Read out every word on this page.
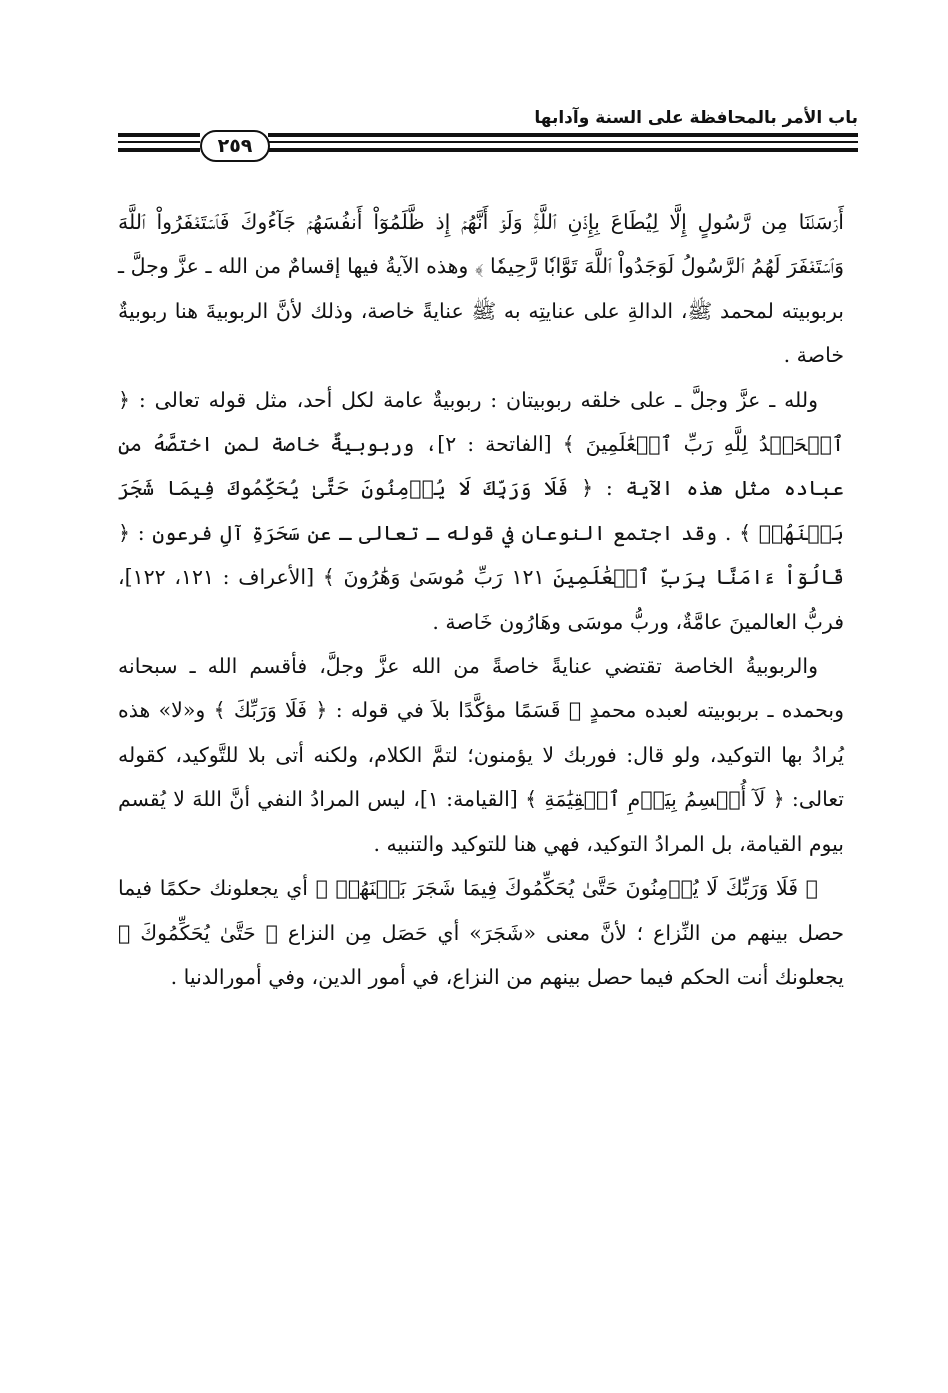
باب الأمر بالمحافظة على السنة وآدابها
٢٥٩

أَرۡسَلۡنَا مِن رَّسُولٍ إِلَّا لِيُطَاعَ بِإِذۡنِ ٱللَّهِۚ وَلَوۡ أَنَّهُمۡ إِذ ظَّلَمُوٓاْ أَنفُسَهُمۡ جَآءُوكَ فَٱسۡتَغۡفَرُواْ ٱللَّهَ وَٱسۡتَغۡفَرَ لَهُمُ ٱلرَّسُولُ لَوَجَدُواْ ٱللَّهَ تَوَّابٗا رَّحِيمٗا ﴾ وهذه الآيةُ فيها إقسامٌ من الله ـ عزَّ وجلَّ ـ بربوبيته لمحمد ﷺ، الدالةِ على عنايتِه به ﷺ عنايةً خاصة، وذلك لأنَّ الربوبيةَ هنا ربوبيةٌ خاصة .

ولله ـ عزَّ وجلَّ ـ على خلقه ربوبيتان : ربوبيةٌ عامة لكل أحد، مثل قوله تعالى : ﴿ ٱلۡحَمۡدُ لِلَّهِ رَبِّ ٱلۡعَٰلَمِينَ ﴾ [الفاتحة : ٢]، وربوبيةٌ خاصة لمن اختصَّهُ من عباده مثل هذه الآية : ﴿ فَلَا وَرَبِّكَ لَا يُؤۡمِنُونَ حَتَّىٰ يُحَكِّمُوكَ فِيمَا شَجَرَ بَيۡنَهُمۡ ﴾ . وقد اجتمع النوعان في قوله ـ تعالى ـ عن سَحَرَةِ آلِ فرعون : ﴿ قَالُوٓاْ ءَامَنَّا بِرَبِّ ٱلۡعَٰلَمِينَ ١٢١ رَبِّ مُوسَىٰ وَهَٰرُونَ ﴾ [الأعراف : ١٢١، ١٢٢]، فربُّ العالمينَ عامَّةٌ، وربُّ موسَى وهَارُون خَاصة .

والربوبيةُ الخاصة تقتضي عنايةً خاصةً من الله عزَّ وجلَّ، فأقسم الله ـ سبحانه وبحمده ـ بربوبيته لعبده محمدٍ ﷺ قَسَمًا مؤكَّدًا بلاَ في قوله : ﴿ فَلَا وَرَبِّكَ ﴾ و«لا» هذه يُرادُ بها التوكيد، ولو قال: فوربك لا يؤمنون؛ لتمَّ الكلام، ولكنه أتى بلا للتَّوكيد، كقوله تعالى: ﴿ لَآ أُقۡسِمُ بِيَوۡمِ ٱلۡقِيَٰمَةِ ﴾ [القيامة: ١]، ليس المرادُ النفي أنَّ اللهَ لا يُقسم بيوم القيامة، بل المرادُ التوكيد، فهي هنا للتوكيد والتنبيه .

﴿ فَلَا وَرَبِّكَ لَا يُؤۡمِنُونَ حَتَّىٰ يُحَكِّمُوكَ فِيمَا شَجَرَ بَيۡنَهُمۡ ﴾ أي يجعلونك حكمًا فيما حصل بينهم من النِّزاع ؛ لأنَّ معنى «شَجَرَ» أي حَصَل مِن النزاع ﴿ حَتَّىٰ يُحَكِّمُوكَ ﴾ يجعلونك أنت الحكم فيما حصل بينهم من النزاع، في أمور الدين، وفي أمورالدنيا .
